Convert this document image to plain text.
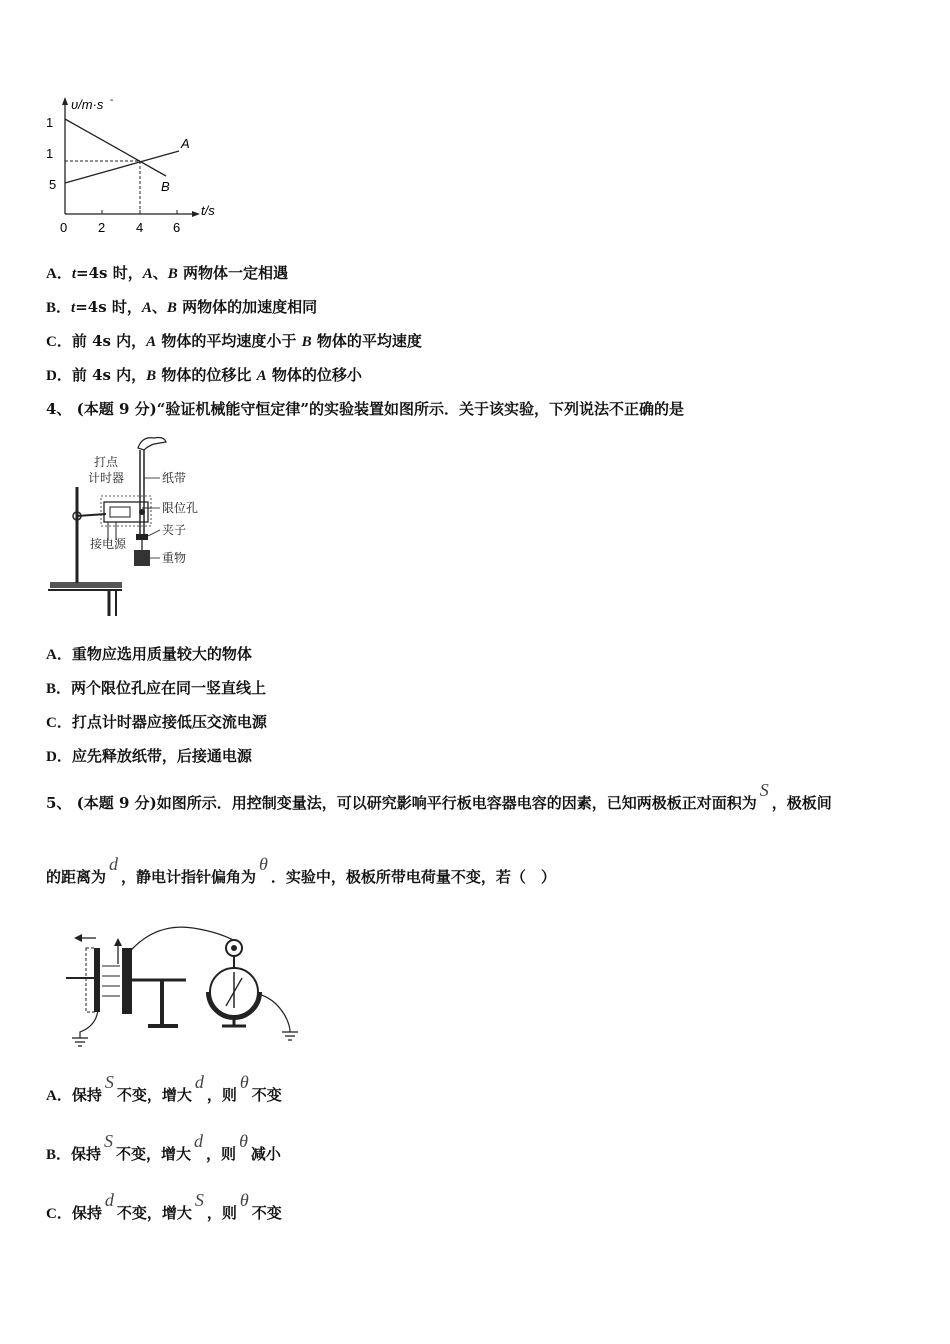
υ/m·s -
1
1
5
0 2 4 6
t/s
A
B
A．t=4s 时，A、B 两物体一定相遇
B．t=4s 时，A、B 两物体的加速度相同
C．前 4s 内，A 物体的平均速度小于 B 物体的平均速度
D．前 4s 内，B 物体的位移比 A 物体的位移小
4、 (本题 9 分)“验证机械能守恒定律”的实验装置如图所示．关于该实验，下列说法不正确的是
打点
计时器	纸带
限位孔
夹子
接电源
重物
A．重物应选用质量较大的物体
B．两个限位孔应在同一竖直线上
C．打点计时器应接低压交流电源
D．应先释放纸带，后接通电源
5、 (本题 9 分)如图所示．用控制变量法，可以研究影响平行板电容器电容的因素，已知两极板正对面积为S，极板间
的距离为d，静电计指针偏角为θ．实验中，极板所带电荷量不变，若（　）
A．保持S不变，增大d，则θ不变
B．保持S不变，增大d，则θ减小
C．保持d不变，增大S，则θ不变
